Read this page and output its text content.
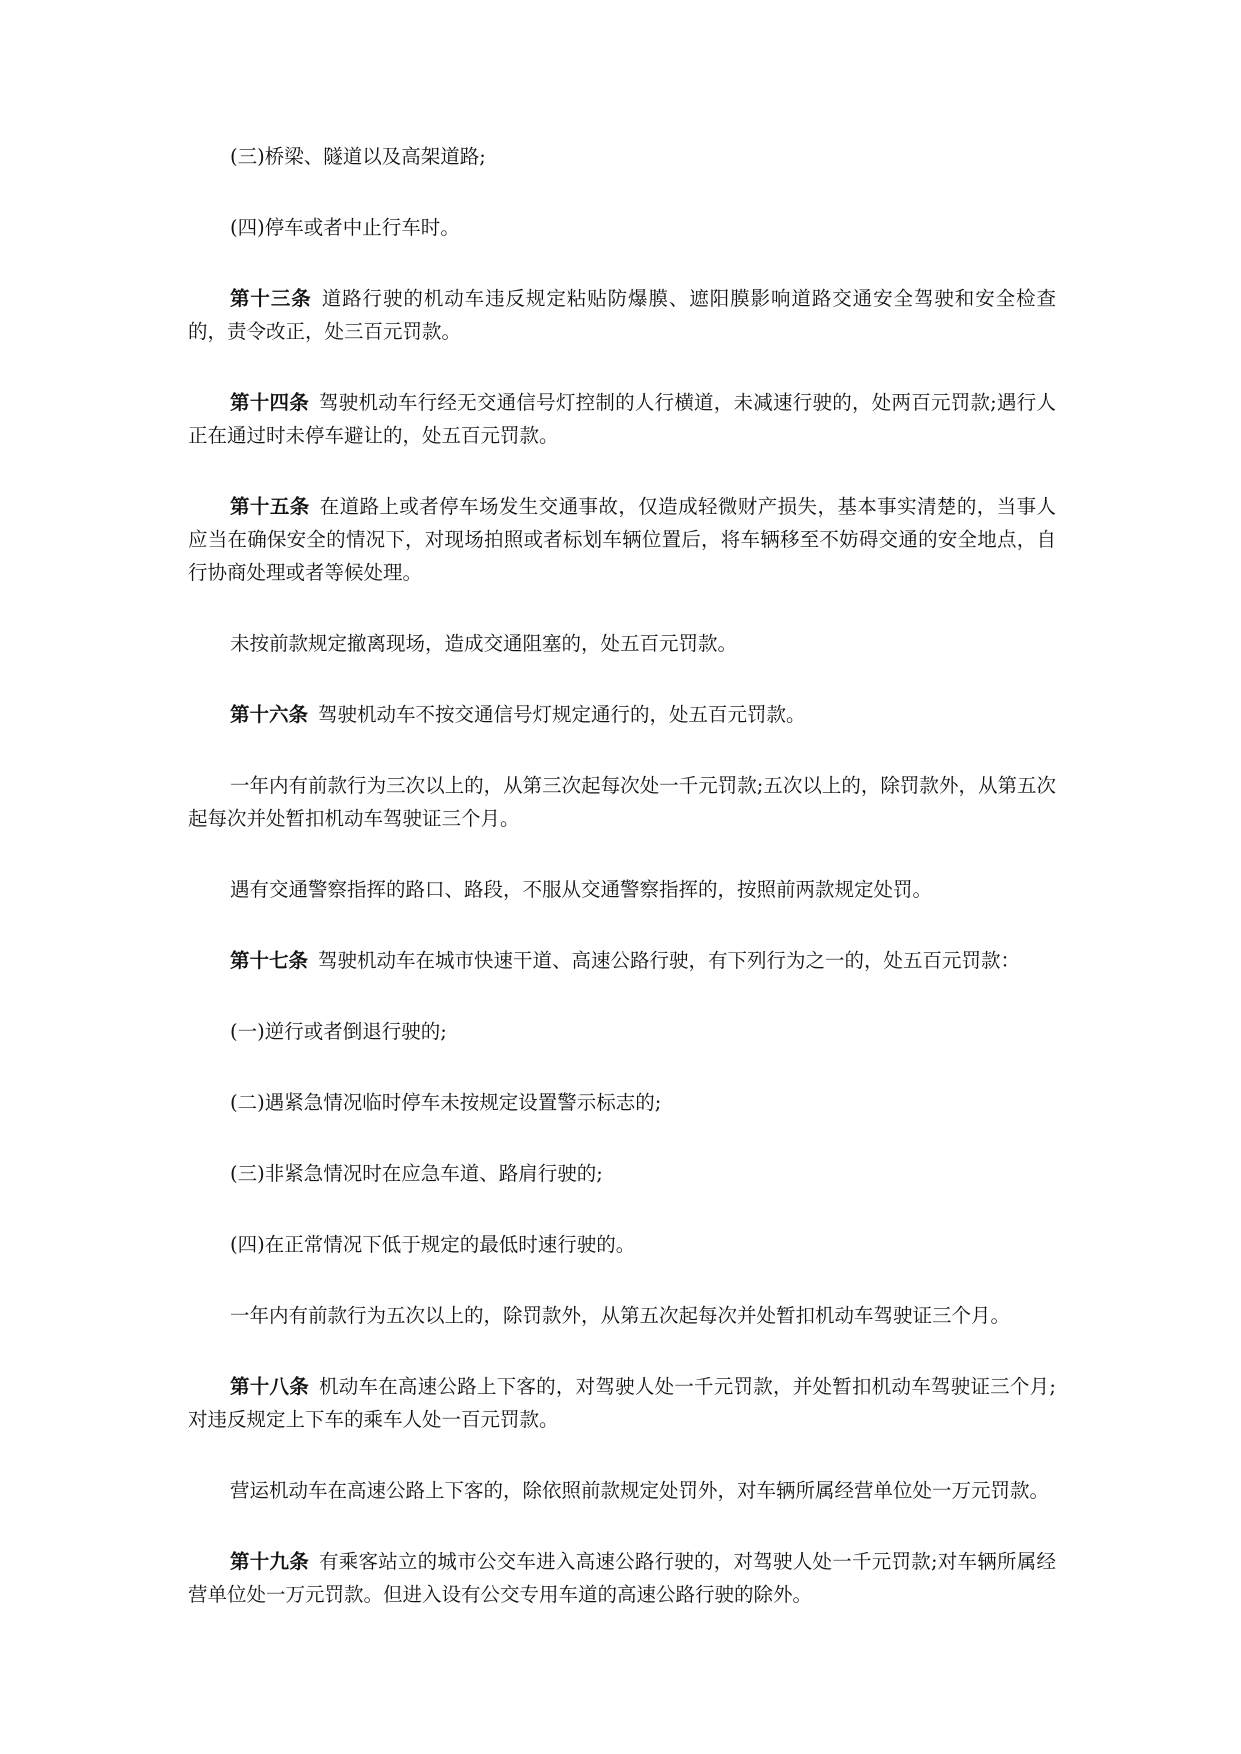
(三)桥梁、隧道以及高架道路;

(四)停车或者中止行车时。

第十三条 道路行驶的机动车违反规定粘贴防爆膜、遮阳膜影响道路交通安全驾驶和安全检查的，责令改正，处三百元罚款。

第十四条 驾驶机动车行经无交通信号灯控制的人行横道，未减速行驶的，处两百元罚款;遇行人正在通过时未停车避让的，处五百元罚款。

第十五条 在道路上或者停车场发生交通事故，仅造成轻微财产损失，基本事实清楚的，当事人应当在确保安全的情况下，对现场拍照或者标划车辆位置后，将车辆移至不妨碍交通的安全地点，自行协商处理或者等候处理。

未按前款规定撤离现场，造成交通阻塞的，处五百元罚款。

第十六条 驾驶机动车不按交通信号灯规定通行的，处五百元罚款。

一年内有前款行为三次以上的，从第三次起每次处一千元罚款;五次以上的，除罚款外，从第五次起每次并处暂扣机动车驾驶证三个月。

遇有交通警察指挥的路口、路段，不服从交通警察指挥的，按照前两款规定处罚。

第十七条 驾驶机动车在城市快速干道、高速公路行驶，有下列行为之一的，处五百元罚款：

(一)逆行或者倒退行驶的;

(二)遇紧急情况临时停车未按规定设置警示标志的;

(三)非紧急情况时在应急车道、路肩行驶的;

(四)在正常情况下低于规定的最低时速行驶的。

一年内有前款行为五次以上的，除罚款外，从第五次起每次并处暂扣机动车驾驶证三个月。

第十八条 机动车在高速公路上下客的，对驾驶人处一千元罚款，并处暂扣机动车驾驶证三个月;对违反规定上下车的乘车人处一百元罚款。

营运机动车在高速公路上下客的，除依照前款规定处罚外，对车辆所属经营单位处一万元罚款。

第十九条 有乘客站立的城市公交车进入高速公路行驶的，对驾驶人处一千元罚款;对车辆所属经营单位处一万元罚款。但进入设有公交专用车道的高速公路行驶的除外。
